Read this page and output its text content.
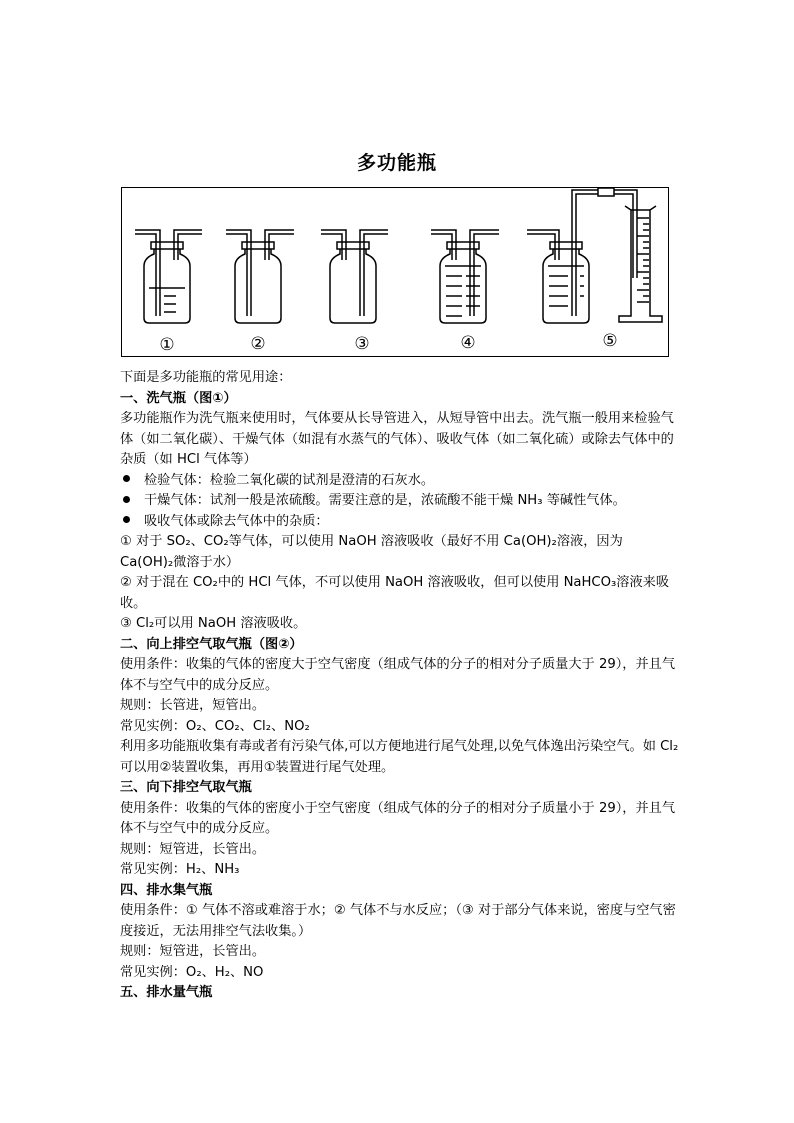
多功能瓶
①	②	③	④	⑤

下面是多功能瓶的常见用途：

一、洗气瓶（图①）

多功能瓶作为洗气瓶来使用时，气体要从长导管进入，从短导管中出去。洗气瓶一般用来检验气体（如二氧化碳）、干燥气体（如混有水蒸气的气体）、吸收气体（如二氧化硫）或除去气体中的杂质（如 HCl 气体等）

检验气体：检验二氧化碳的试剂是澄清的石灰水。

干燥气体：试剂一般是浓硫酸。需要注意的是，浓硫酸不能干燥 NH₃ 等碱性气体。

吸收气体或除去气体中的杂质：

① 对于 SO₂、CO₂等气体，可以使用 NaOH 溶液吸收（最好不用 Ca(OH)₂溶液，因为 Ca(OH)₂微溶于水）

② 对于混在 CO₂中的 HCl 气体，不可以使用 NaOH 溶液吸收，但可以使用 NaHCO₃溶液来吸收。

③ Cl₂可以用 NaOH 溶液吸收。

二、向上排空气取气瓶（图②）

使用条件：收集的气体的密度大于空气密度（组成气体的分子的相对分子质量大于 29），并且气体不与空气中的成分反应。

规则：长管进，短管出。

常见实例：O₂、CO₂、Cl₂、NO₂

利用多功能瓶收集有毒或者有污染气体,可以方便地进行尾气处理,以免气体逸出污染空气。如 Cl₂可以用②装置收集，再用①装置进行尾气处理。

三、向下排空气取气瓶

使用条件：收集的气体的密度小于空气密度（组成气体的分子的相对分子质量小于 29），并且气体不与空气中的成分反应。

规则：短管进，长管出。

常见实例：H₂、NH₃

四、排水集气瓶

使用条件：① 气体不溶或难溶于水；② 气体不与水反应；（③ 对于部分气体来说，密度与空气密度接近，无法用排空气法收集。）

规则：短管进，长管出。

常见实例：O₂、H₂、NO

五、排水量气瓶
